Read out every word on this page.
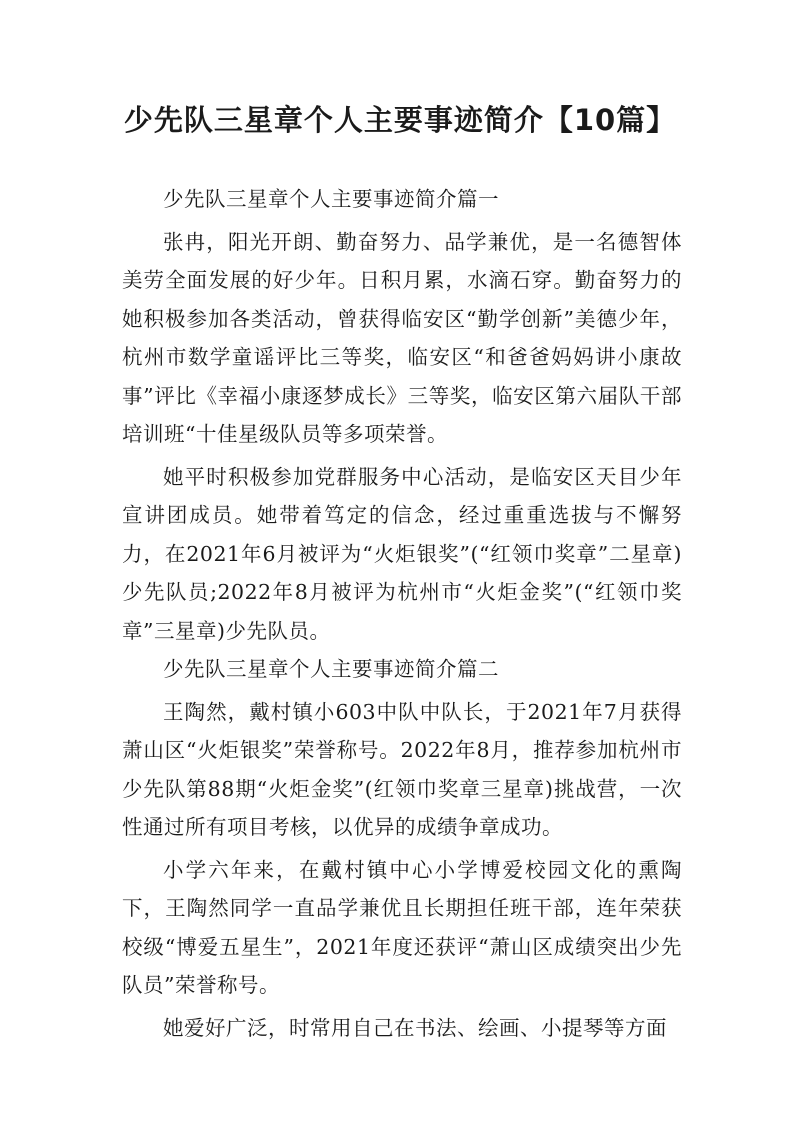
少先队三星章个人主要事迹简介【10篇】

少先队三星章个人主要事迹简介篇一

张冉，阳光开朗、勤奋努力、品学兼优，是一名德智体美劳全面发展的好少年。日积月累，水滴石穿。勤奋努力的她积极参加各类活动，曾获得临安区“勤学创新”美德少年，杭州市数学童谣评比三等奖，临安区“和爸爸妈妈讲小康故事”评比《幸福小康逐梦成长》三等奖，临安区第六届队干部培训班“十佳星级队员等多项荣誉。

她平时积极参加党群服务中心活动，是临安区天目少年宣讲团成员。她带着笃定的信念，经过重重选拔与不懈努力，在2021年6月被评为“火炬银奖”(“红领巾奖章”二星章)少先队员;2022年8月被评为杭州市“火炬金奖”(“红领巾奖章”三星章)少先队员。

少先队三星章个人主要事迹简介篇二

王陶然，戴村镇小603中队中队长，于2021年7月获得萧山区“火炬银奖”荣誉称号。2022年8月，推荐参加杭州市少先队第88期“火炬金奖”(红领巾奖章三星章)挑战营，一次性通过所有项目考核，以优异的成绩争章成功。

小学六年来，在戴村镇中心小学博爱校园文化的熏陶下，王陶然同学一直品学兼优且长期担任班干部，连年荣获校级“博爱五星生”，2021年度还获评“萧山区成绩突出少先队员”荣誉称号。

她爱好广泛，时常用自己在书法、绘画、小提琴等方面
